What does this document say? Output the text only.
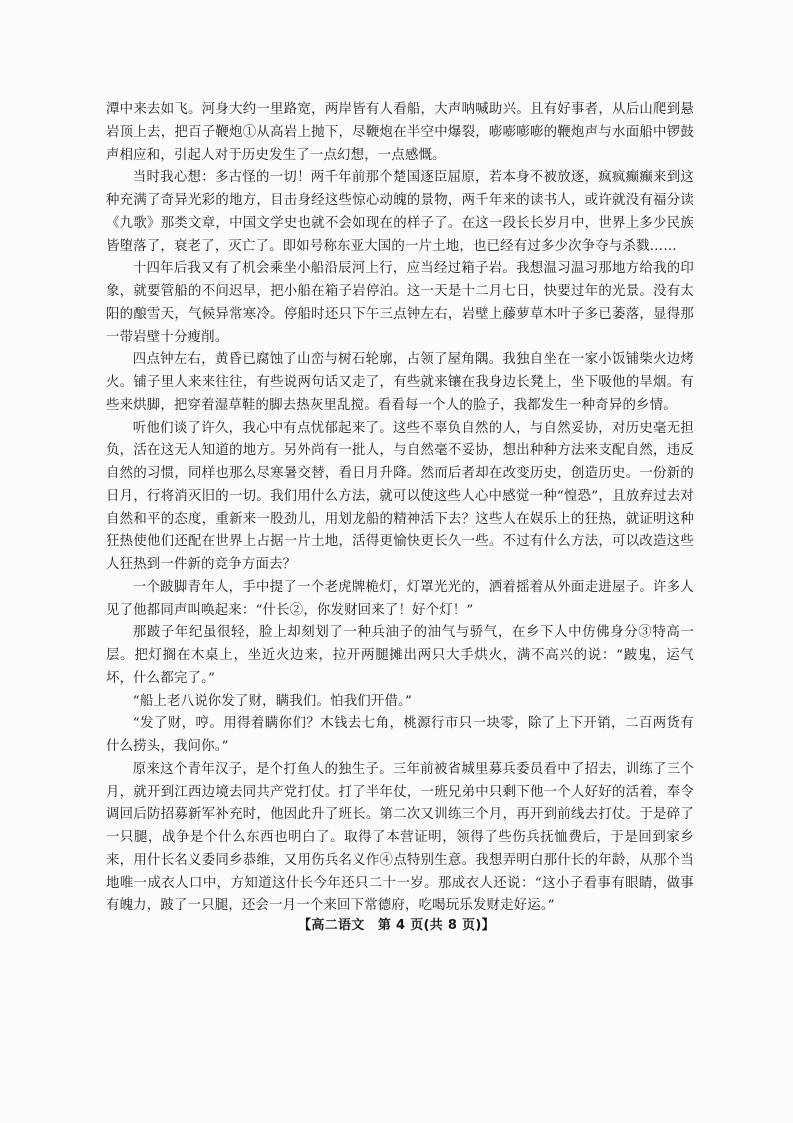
潭中来去如飞。河身大约一里路宽，两岸皆有人看船，大声呐喊助兴。且有好事者，从后山爬到悬岩顶上去，把百子鞭炮①从高岩上抛下，尽鞭炮在半空中爆裂，嘭嘭嘭嘭的鞭炮声与水面船中锣鼓声相应和，引起人对于历史发生了一点幻想，一点感慨。

当时我心想：多古怪的一切！两千年前那个楚国逐臣屈原，若本身不被放逐，疯疯癫癫来到这种充满了奇异光彩的地方，目击身经这些惊心动魄的景物，两千年来的读书人，或许就没有福分读《九歌》那类文章，中国文学史也就不会如现在的样子了。在这一段长长岁月中，世界上多少民族皆堕落了，衰老了，灭亡了。即如号称东亚大国的一片土地，也已经有过多少次争夺与杀戮……

十四年后我又有了机会乘坐小船沿辰河上行，应当经过箱子岩。我想温习温习那地方给我的印象，就要管船的不问迟早，把小船在箱子岩停泊。这一天是十二月七日，快要过年的光景。没有太阳的酿雪天，气候异常寒冷。停船时还只下午三点钟左右，岩壁上藤萝草木叶子多已萎落，显得那一带岩壁十分瘦削。

四点钟左右，黄昏已腐蚀了山峦与树石轮廓，占领了屋角隅。我独自坐在一家小饭铺柴火边烤火。铺子里人来来往往，有些说两句话又走了，有些就来镶在我身边长凳上，坐下吸他的旱烟。有些来烘脚，把穿着湿草鞋的脚去热灰里乱搅。看看每一个人的脸子，我都发生一种奇异的乡情。

听他们谈了许久，我心中有点忧郁起来了。这些不辜负自然的人，与自然妥协，对历史毫无担负，活在这无人知道的地方。另外尚有一批人，与自然毫不妥协，想出种种方法来支配自然，违反自然的习惯，同样也那么尽寒暑交替，看日月升降。然而后者却在改变历史，创造历史。一份新的日月，行将消灭旧的一切。我们用什么方法，就可以使这些人心中感觉一种“惶恐”，且放弃过去对自然和平的态度，重新来一股劲儿，用划龙船的精神活下去？这些人在娱乐上的狂热，就证明这种狂热使他们还配在世界上占据一片土地，活得更愉快更长久一些。不过有什么方法，可以改造这些人狂热到一件新的竞争方面去？

一个跛脚青年人，手中提了一个老虎牌桅灯，灯罩光光的，洒着摇着从外面走进屋子。许多人见了他都同声叫唤起来：“什长②，你发财回来了！好个灯！”

那跛子年纪虽很轻，脸上却刻划了一种兵油子的油气与骄气，在乡下人中仿佛身分③特高一层。把灯搁在木桌上，坐近火边来，拉开两腿摊出两只大手烘火，满不高兴的说：“跛鬼，运气坏，什么都完了。”

“船上老八说你发了财，瞒我们。怕我们开借。”

“发了财，哼。用得着瞒你们？木钱去七角，桃源行市只一块零，除了上下开销，二百两货有什么捞头，我问你。”

原来这个青年汉子，是个打鱼人的独生子。三年前被省城里募兵委员看中了招去，训练了三个月，就开到江西边境去同共产党打仗。打了半年仗，一班兄弟中只剩下他一个人好好的活着，奉令调回后防招募新军补充时，他因此升了班长。第二次又训练三个月，再开到前线去打仗。于是碎了一只腿，战争是个什么东西也明白了。取得了本营证明，领得了些伤兵抚恤费后，于是回到家乡来，用什长名义委同乡恭维，又用伤兵名义作④点特别生意。我想弄明白那什长的年龄，从那个当地唯一成衣人口中，方知道这什长今年还只二十一岁。那成衣人还说：“这小子看事有眼睛，做事有魄力，跛了一只腿，还会一月一个来回下常德府，吃喝玩乐发财走好运。”

【高二语文　第 4 页(共 8 页)】
